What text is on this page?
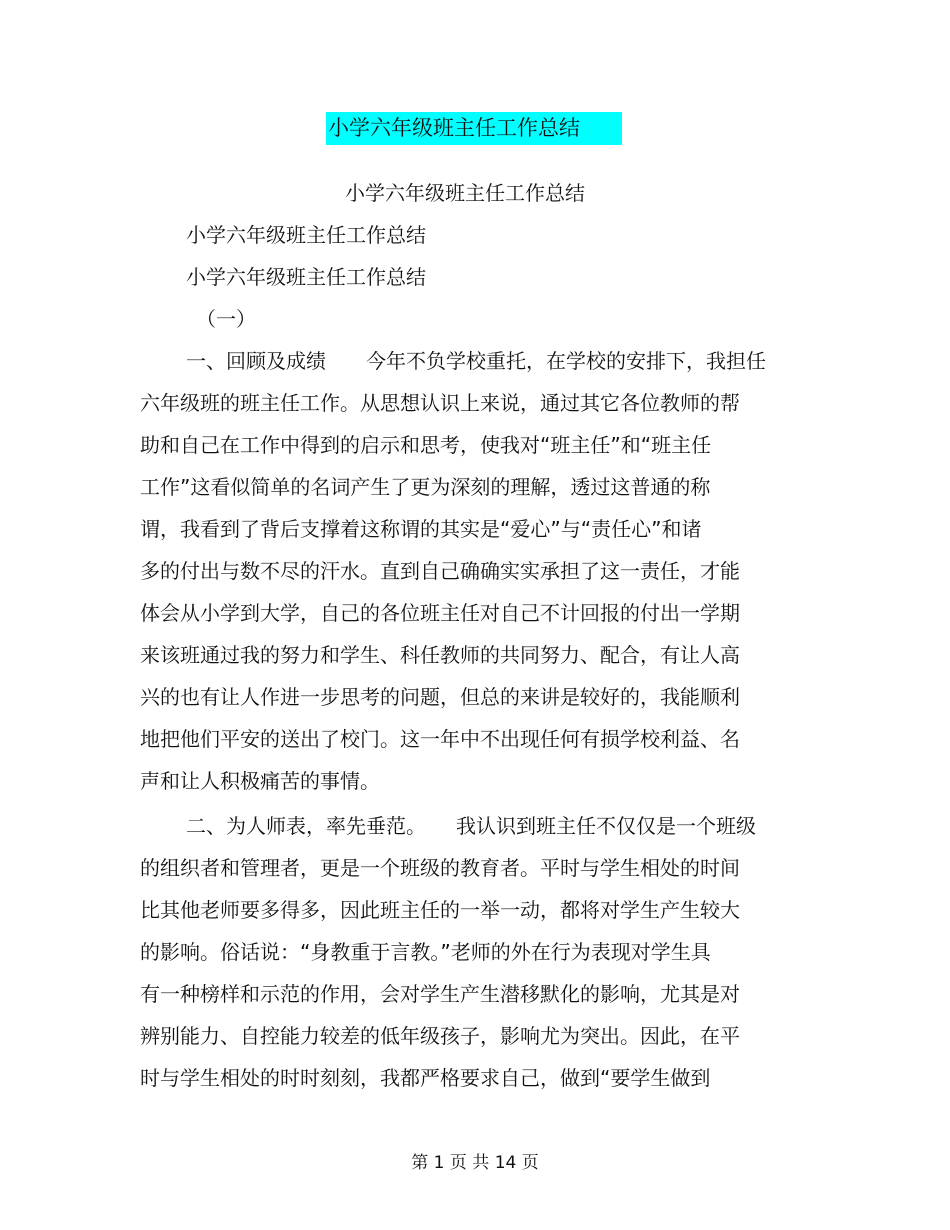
小学六年级班主任工作总结
小学六年级班主任工作总结
小学六年级班主任工作总结
小学六年级班主任工作总结
（一）
一、回顾及成绩　　今年不负学校重托，在学校的安排下，我担任
六年级班的班主任工作。从思想认识上来说，通过其它各位教师的帮
助和自己在工作中得到的启示和思考，使我对“班主任”和“班主任
工作”这看似简单的名词产生了更为深刻的理解，透过这普通的称
谓，我看到了背后支撑着这称谓的其实是“爱心”与“责任心”和诸
多的付出与数不尽的汗水。直到自己确确实实承担了这一责任，才能
体会从小学到大学，自己的各位班主任对自己不计回报的付出一学期
来该班通过我的努力和学生、科任教师的共同努力、配合，有让人高
兴的也有让人作进一步思考的问题，但总的来讲是较好的，我能顺利
地把他们平安的送出了校门。这一年中不出现任何有损学校利益、名
声和让人积极痛苦的事情。
二、为人师表，率先垂范。　　我认识到班主任不仅仅是一个班级
的组织者和管理者，更是一个班级的教育者。平时与学生相处的时间
比其他老师要多得多，因此班主任的一举一动，都将对学生产生较大
的影响。俗话说：“身教重于言教。”老师的外在行为表现对学生具
有一种榜样和示范的作用，会对学生产生潜移默化的影响，尤其是对
辨别能力、自控能力较差的低年级孩子，影响尤为突出。因此，在平
时与学生相处的时时刻刻，我都严格要求自己，做到“要学生做到
第 1 页 共 14 页
